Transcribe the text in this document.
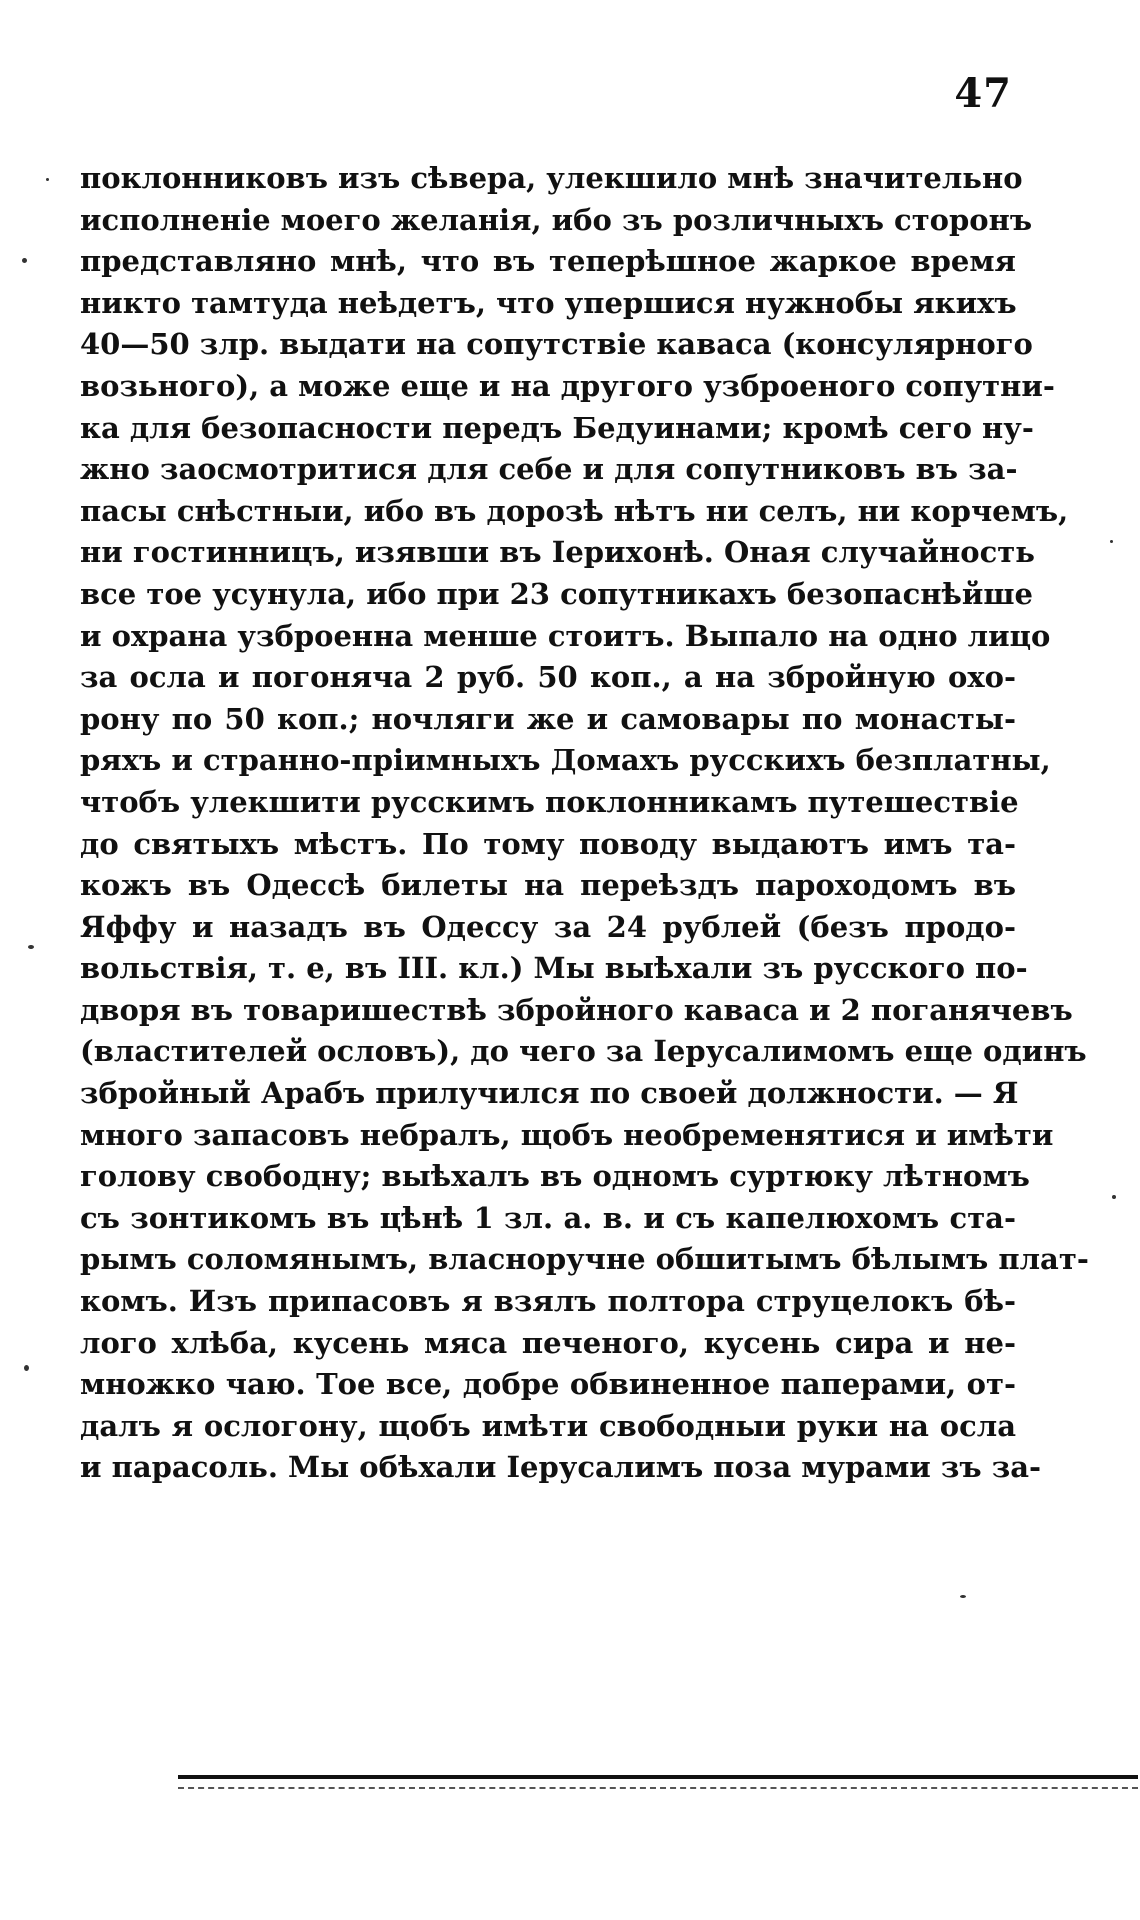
47
поклонниковъ изъ сѣвера, улекшило мнѣ значительно
исполненіе моего желанія, ибо зъ розличныхъ сторонъ
представляно мнѣ, что въ теперѣшное жаркое время
никто тамтуда неѣдетъ, что упершися нужнобы якихъ
40—50 злр. выдати на сопутствіе каваса (консулярного
возьного), а може еще и на другого узброеного сопутни-
ка для безопасности передъ Бедуинами; кромѣ сего ну-
жно заосмотритися для себе и для сопутниковъ въ за-
пасы снѣстныи, ибо въ дорозѣ нѣтъ ни селъ, ни корчемъ,
ни гостинницъ, изявши въ Іерихонѣ. Оная случайность
все тое усунула, ибо при 23 сопутникахъ безопаснѣйше
и охрана узброенна менше стоитъ. Выпало на одно лицо
за осла и погоняча 2 руб. 50 коп., а на збройную охо-
рону по 50 коп.; ночляги же и самовары по монасты-
ряхъ и странно-пріимныхъ Домахъ русскихъ безплатны,
чтобъ улекшити русскимъ поклонникамъ путешествіе
до святыхъ мѣстъ. По тому поводу выдаютъ имъ та-
кожъ въ Одессѣ билеты на переѣздъ пароходомъ въ
Яффу и назадъ въ Одессу за 24 рублей (безъ продо-
вольствія, т. е, въ III. кл.) Мы выѣхали зъ русского по-
дворя въ товаришествѣ збройного каваса и 2 поганячевъ
(властителей ословъ), до чего за Іерусалимомъ еще одинъ
збройный Арабъ прилучился по своей должности. — Я
много запасовъ небралъ, щобъ необременятися и имѣти
голову свободну; выѣхалъ въ одномъ суртюку лѣтномъ
съ зонтикомъ въ цѣнѣ 1 зл. а. в. и съ капелюхомъ ста-
рымъ соломянымъ, власноручне обшитымъ бѣлымъ плат-
комъ. Изъ припасовъ я взялъ полтора струцелокъ бѣ-
лого хлѣба, кусень мяса печеного, кусень сира и не-
множко чаю. Тое все, добре обвиненное паперами, от-
далъ я ослогону, щобъ имѣти свободныи руки на осла
и парасоль. Мы обѣхали Іерусалимъ поза мурами зъ за-
